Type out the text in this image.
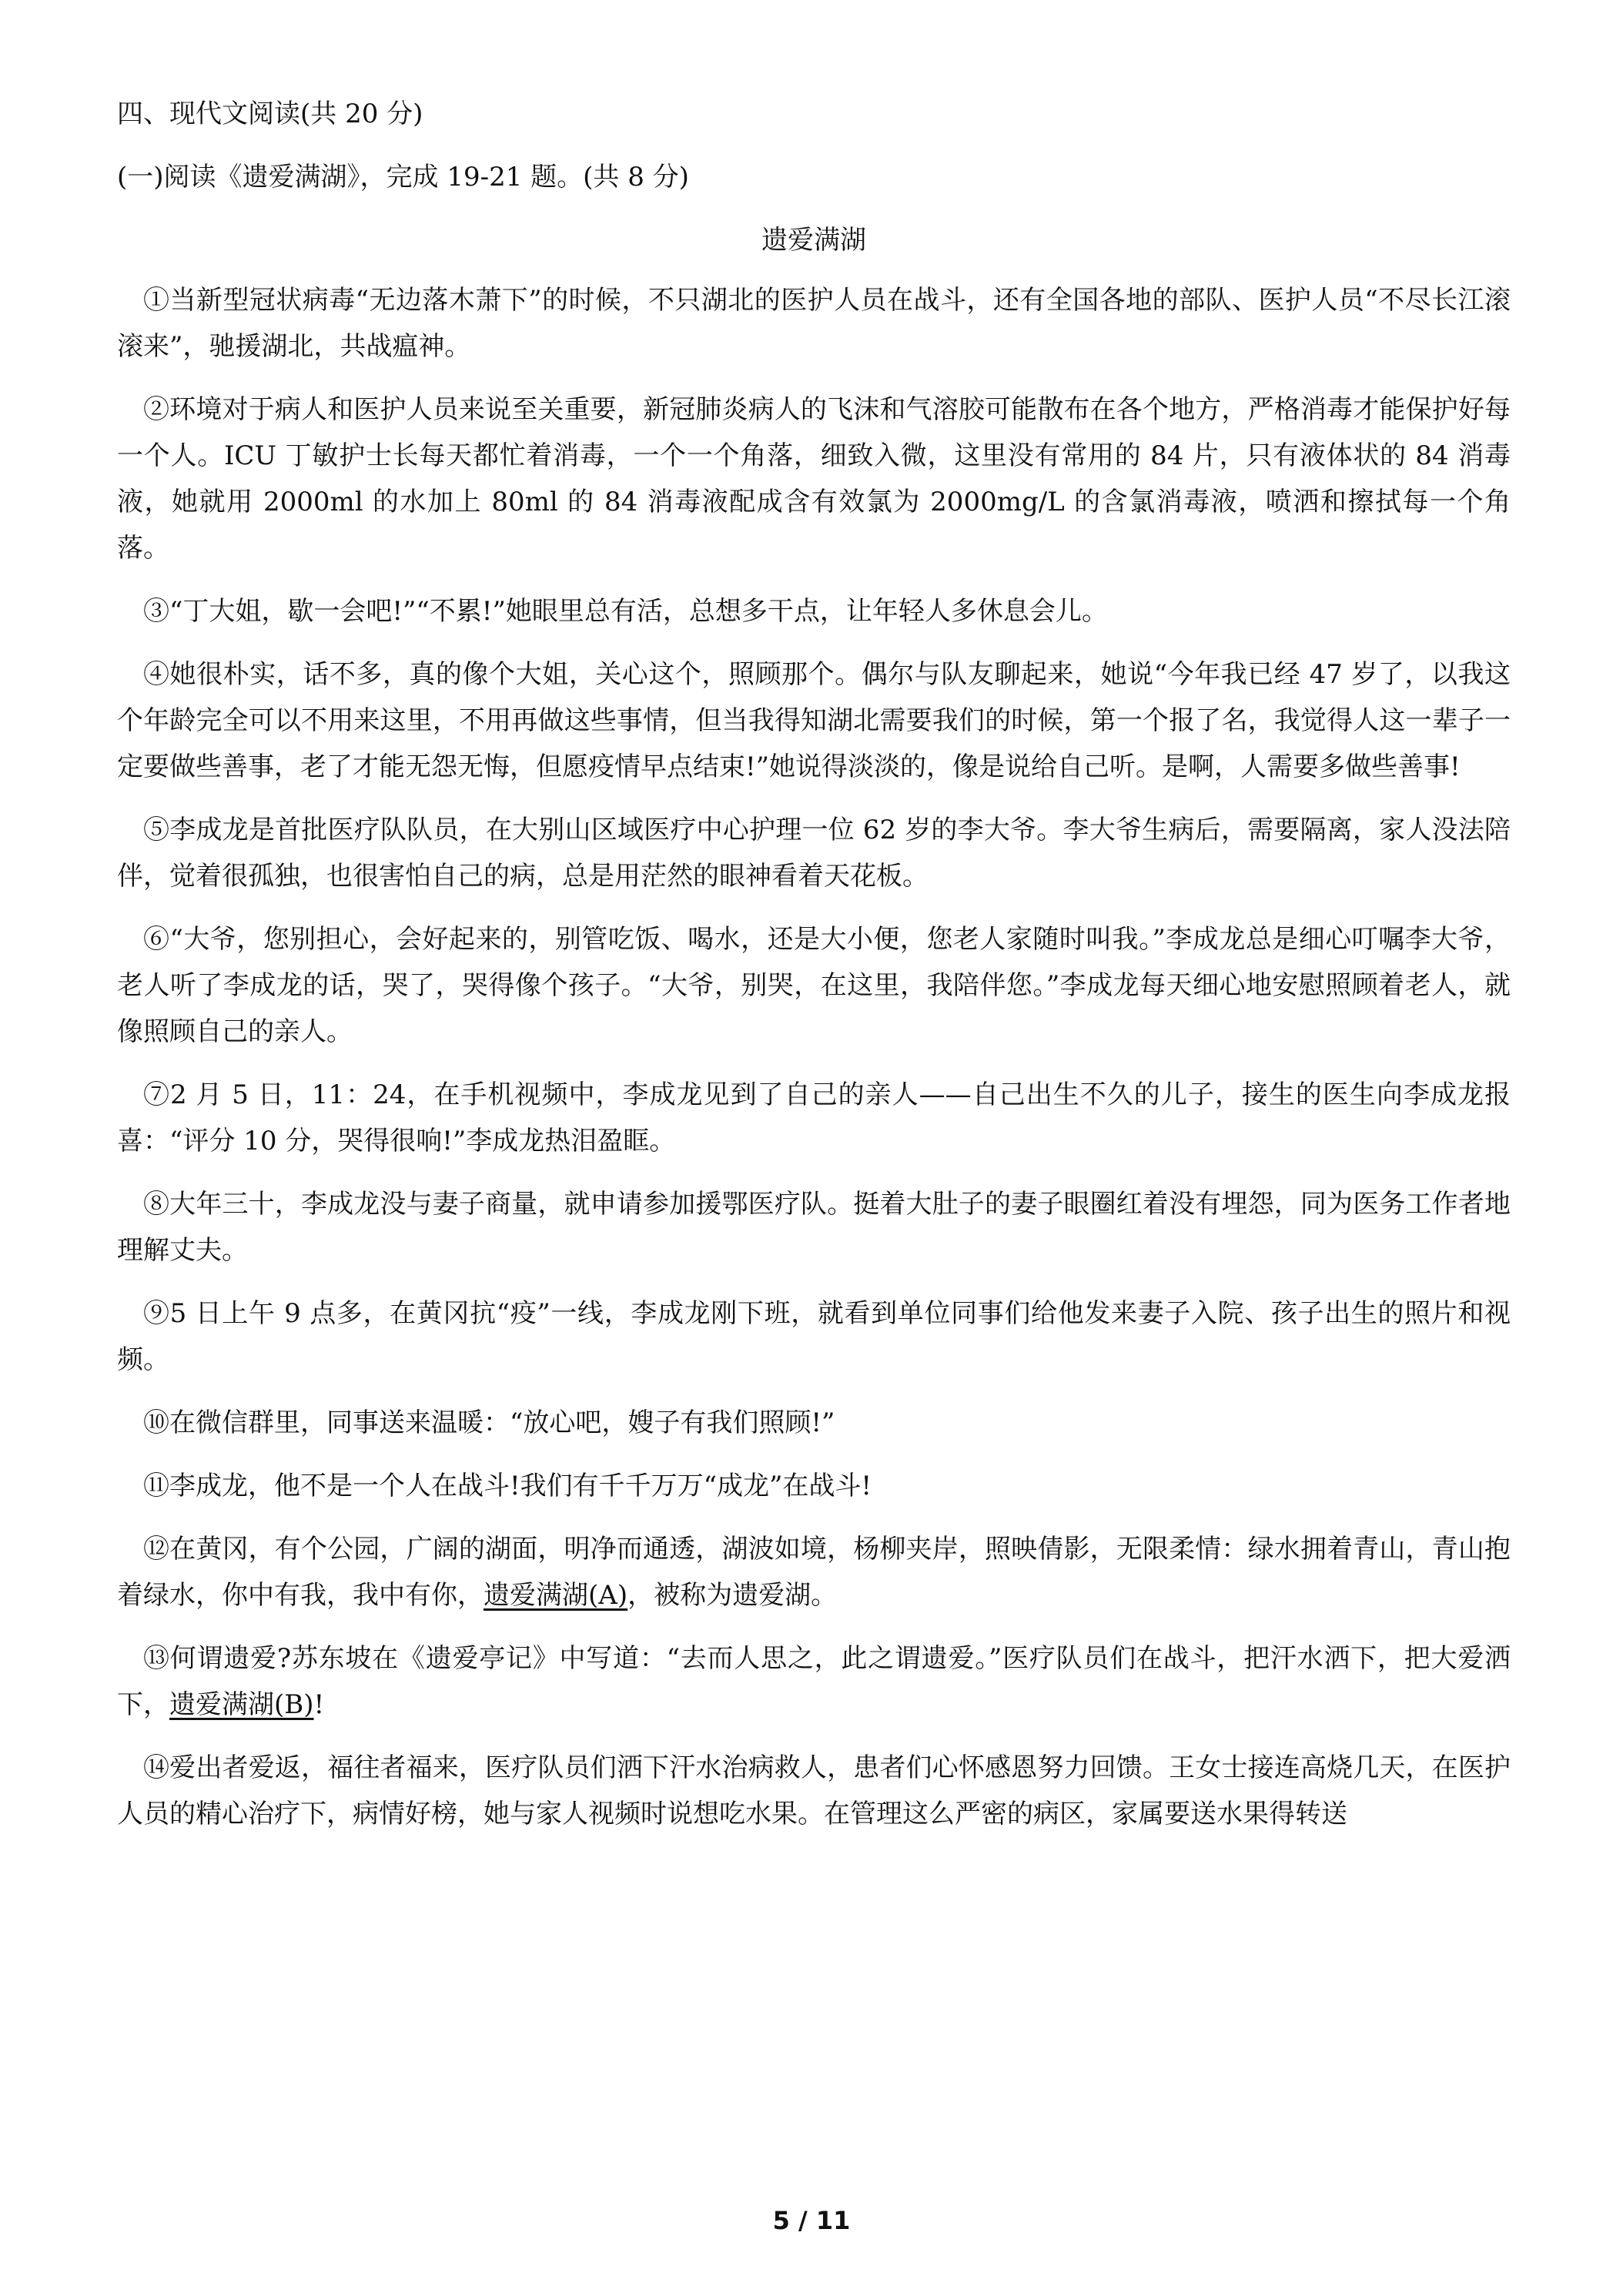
四、现代文阅读(共 20 分)
(一)阅读《遗爱满湖》，完成 19-21 题。(共 8 分)
遗爱满湖

①当新型冠状病毒“无边落木萧下”的时候，不只湖北的医护人员在战斗，还有全国各地的部队、医护人员“不尽长江滚滚来”，驰援湖北，共战瘟神。

②环境对于病人和医护人员来说至关重要，新冠肺炎病人的飞沫和气溶胶可能散布在各个地方，严格消毒才能保护好每一个人。ICU 丁敏护士长每天都忙着消毒，一个一个角落，细致入微，这里没有常用的 84 片，只有液体状的 84 消毒液，她就用 2000ml 的水加上 80ml 的 84 消毒液配成含有效氯为 2000mg/L 的含氯消毒液，喷洒和擦拭每一个角落。

③“丁大姐，歇一会吧!”“不累!”她眼里总有活，总想多干点，让年轻人多休息会儿。

④她很朴实，话不多，真的像个大姐，关心这个，照顾那个。偶尔与队友聊起来，她说“今年我已经 47 岁了，以我这个年龄完全可以不用来这里，不用再做这些事情，但当我得知湖北需要我们的时候，第一个报了名，我觉得人这一辈子一定要做些善事，老了才能无怨无悔，但愿疫情早点结束!”她说得淡淡的，像是说给自己听。是啊，人需要多做些善事!

⑤李成龙是首批医疗队队员，在大别山区域医疗中心护理一位 62 岁的李大爷。李大爷生病后，需要隔离，家人没法陪伴，觉着很孤独，也很害怕自己的病，总是用茫然的眼神看着天花板。

⑥“大爷，您别担心，会好起来的，别管吃饭、喝水，还是大小便，您老人家随时叫我。”李成龙总是细心叮嘱李大爷，老人听了李成龙的话，哭了，哭得像个孩子。“大爷，别哭，在这里，我陪伴您。”李成龙每天细心地安慰照顾着老人，就像照顾自己的亲人。

⑦2 月 5 日，11：24，在手机视频中，李成龙见到了自己的亲人——自己出生不久的儿子，接生的医生向李成龙报喜：“评分 10 分，哭得很响!”李成龙热泪盈眶。

⑧大年三十，李成龙没与妻子商量，就申请参加援鄂医疗队。挺着大肚子的妻子眼圈红着没有埋怨，同为医务工作者地理解丈夫。

⑨5 日上午 9 点多，在黄冈抗“疫”一线，李成龙刚下班，就看到单位同事们给他发来妻子入院、孩子出生的照片和视频。

⑩在微信群里，同事送来温暖：“放心吧，嫂子有我们照顾!”

⑪李成龙，他不是一个人在战斗!我们有千千万万“成龙”在战斗!

⑫在黄冈，有个公园，广阔的湖面，明净而通透，湖波如境，杨柳夹岸，照映倩影，无限柔情：绿水拥着青山，青山抱着绿水，你中有我，我中有你，遗爱满湖(A)，被称为遗爱湖。

⑬何谓遗爱?苏东坡在《遗爱亭记》中写道：“去而人思之，此之谓遗爱。”医疗队员们在战斗，把汗水洒下，把大爱洒下，遗爱满湖(B)!

⑭爱出者爱返，福往者福来，医疗队员们洒下汗水治病救人，患者们心怀感恩努力回馈。王女士接连高烧几天，在医护人员的精心治疗下，病情好榜，她与家人视频时说想吃水果。在管理这么严密的病区，家属要送水果得转送

5 / 11
